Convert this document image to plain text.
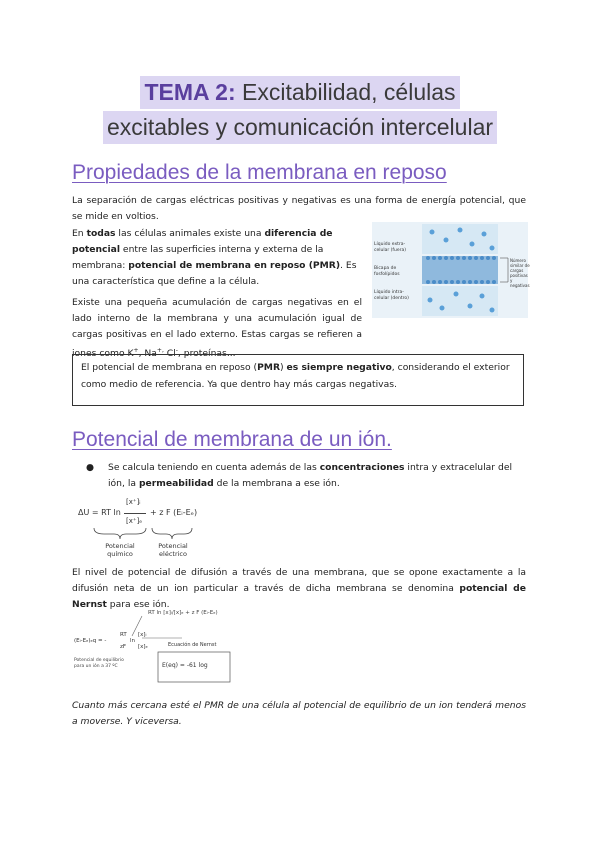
TEMA 2: Excitabilidad, células
excitables y comunicación intercelular
Propiedades de la membrana en reposo

La separación de cargas eléctricas positivas y negativas es una forma de energía potencial, que se mide en voltios.

En todas las células animales existe una diferencia de potencial entre las superficies interna y externa de la membrana: potencial de membrana en reposo (PMR). Es una característica que define a la célula.

Existe una pequeña acumulación de cargas negativas en el lado interno de la membrana y una acumulación igual de cargas positivas en el lado externo. Estas cargas se refieren a iones como K+, Na+, Cl-, proteínas...

Líquido extra-celular (fuera)
Bicapa de fosfolípidos
Líquido intra-celular (dentro)
Número similar de cargas positivas y negativas
El potencial de membrana en reposo (PMR) es siempre negativo, considerando el exterior como medio de referencia. Ya que dentro hay más cargas negativas.
Potencial de membrana de un ión.
● Se calcula teniendo en cuenta además de las concentraciones intra y extracelular del ión, la permeabilidad de la membrana a ese ión.
ΔU = RT ln
[x⁺]ᵢ
[x⁺]ₑ
+ z F (Eᵢ-Eₑ)
Potencial químico
Potencial eléctrico

El nivel de potencial de difusión a través de una membrana, que se opone exactamente a la difusión neta de un ion particular a través de dicha membrana se denomina potencial de Nernst para ese ión.

RT ln [x]ᵢ/[x]ₑ + z F (Eᵢ-Eₑ)
(Eᵢ-Eₑ)ₑq = -
RT
zF
ln
[x]ᵢ
[x]ₑ	Ecuación de Nernst
E(eq) = -61 log
Potencial de equilibrio para un ión a 37 ºC

Cuanto más cercana esté el PMR de una célula al potencial de equilibrio de un ion tenderá menos a moverse. Y viceversa.
